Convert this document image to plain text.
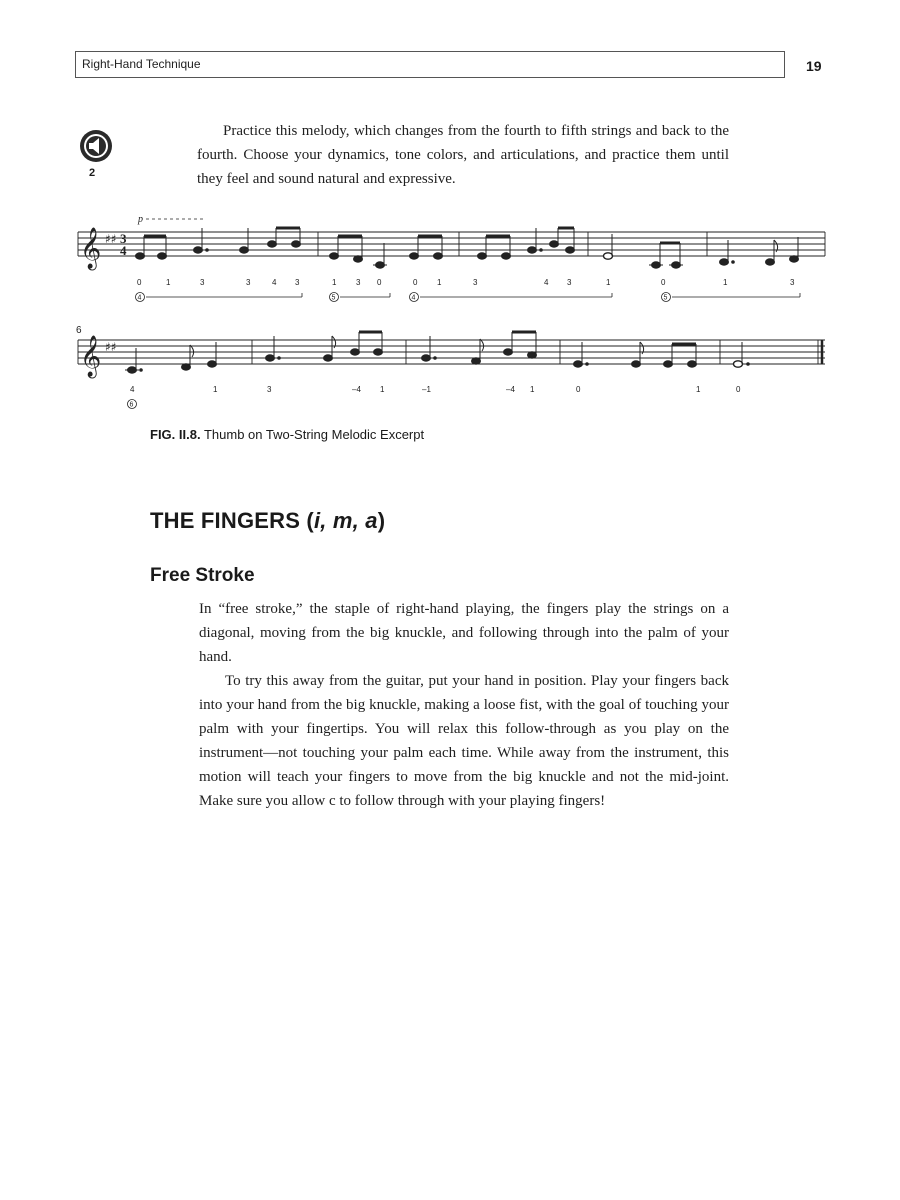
Right-Hand Technique	19
2

Practice this melody, which changes from the fourth to fifth strings and back to the fourth. Choose your dynamics, tone colors, and articulations, and practice them until they feel and sound natural and expressive.

𝄞 ♯♯ 3
4
p
0	1	3	3	4 3	1 3 0	0 1	3	4 3	1	0	1	3
4	5	4	5
6
𝄞 ♯♯
4	1	3	–4 1	–1	–4 1	0	1	0
6
FIG. II.8. Thumb on Two-String Melodic Excerpt
THE FINGERS (i, m, a)
Free Stroke

In “free stroke,” the staple of right-hand playing, the fingers play the strings on a diagonal, moving from the big knuckle, and following through into the palm of your hand.

To try this away from the guitar, put your hand in position. Play your fingers back into your hand from the big knuckle, making a loose fist, with the goal of touching your palm with your fingertips. You will relax this follow-through as you play on the instrument—not touching your palm each time. While away from the instrument, this motion will teach your fingers to move from the big knuckle and not the mid-joint. Make sure you allow c to follow through with your playing fingers!
